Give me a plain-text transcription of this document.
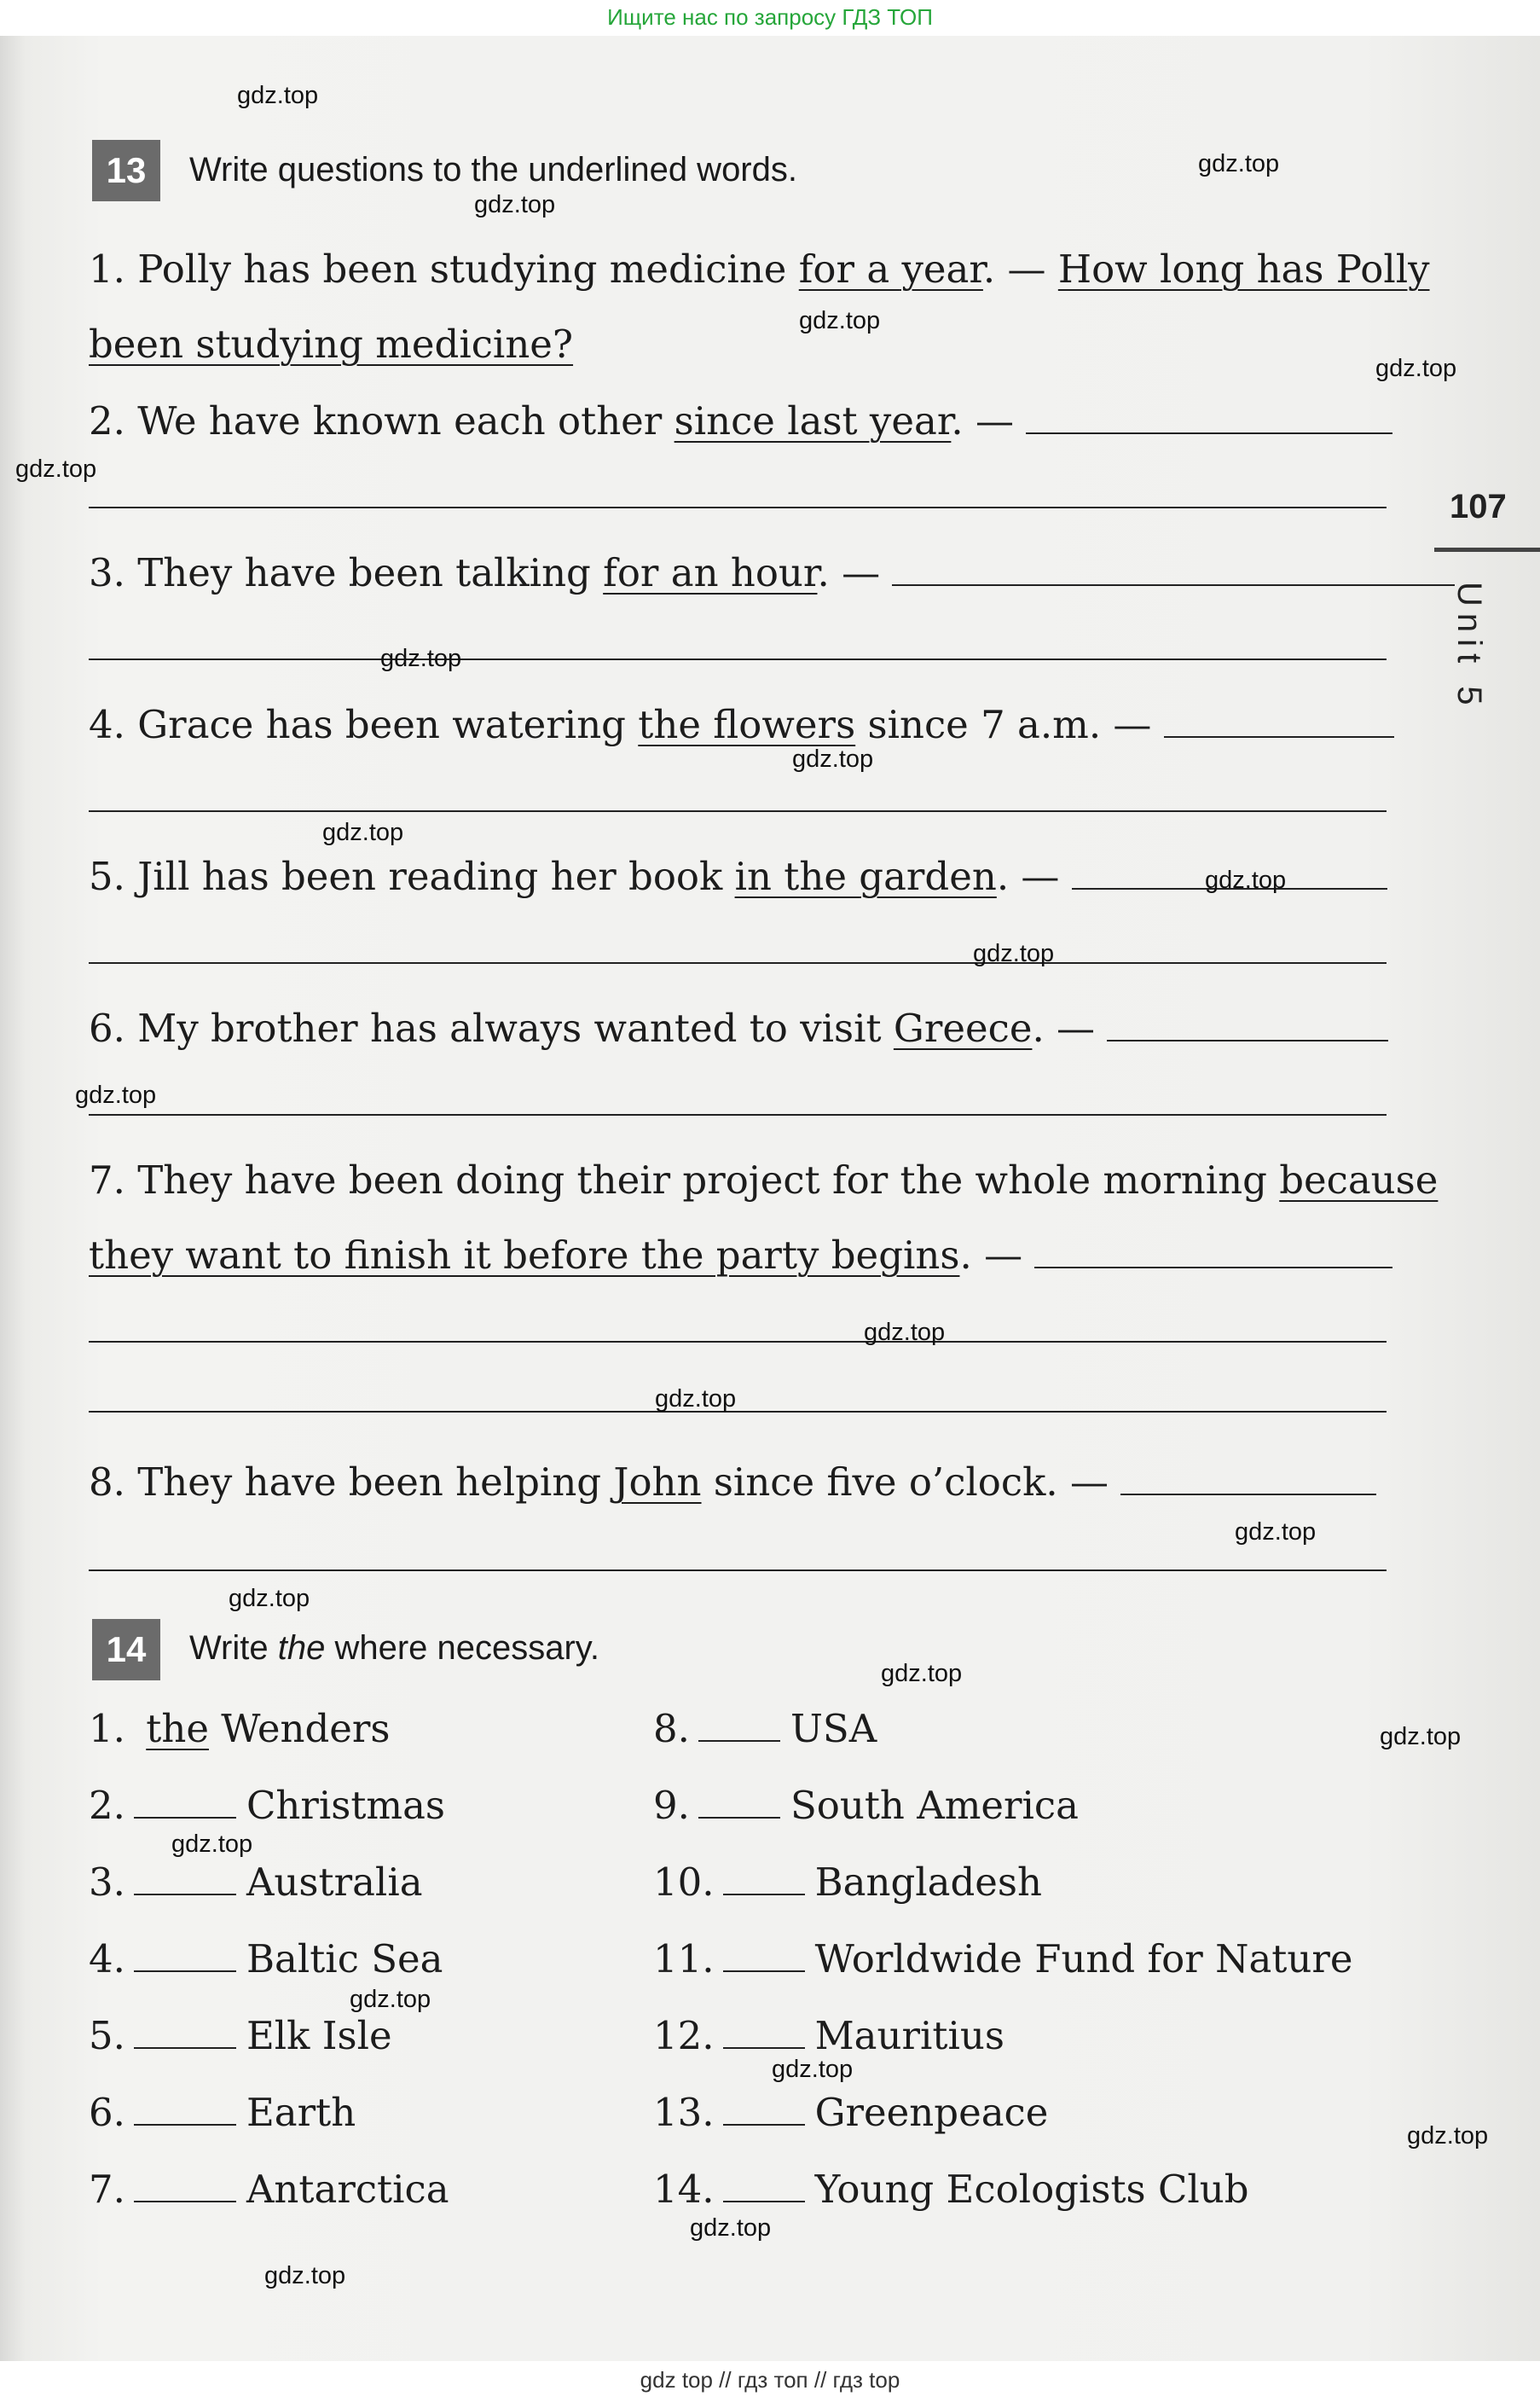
Ищите нас по запросу ГДЗ ТОП
107
Unit 5
13	Write questions to the underlined words.
1. Polly has been studying medicine for a year. — How long has Polly
been studying medicine?
2. We have known each other since last year. —
3. They have been talking for an hour. —
4. Grace has been watering the flowers since 7 a.m. —
5. Jill has been reading her book in the garden. —
6. My brother has always wanted to visit Greece. —
7. They have been doing their project for the whole morning because
they want to finish it before the party begins. —
8. They have been helping John since five o’clock. —
14	Write the where necessary.
1. the Wenders
2.	Christmas
3.	Australia
4.	Baltic Sea
5.	Elk Isle
6.	Earth
7.	Antarctica
8.	USA
9.	South America
10.	Bangladesh
11.	Worldwide Fund for Nature
12.	Mauritius
13.	Greenpeace
14.	Young Ecologists Club
gdz.top
gdz.top
gdz.top
gdz.top
gdz.top
gdz.top
gdz.top
gdz.top
gdz.top
gdz.top
gdz.top
gdz.top
gdz.top
gdz.top
gdz.top
gdz.top
gdz.top
gdz.top
gdz.top
gdz.top
gdz.top
gdz.top
gdz.top
gdz.top
gdz top // гдз топ // гдз top
